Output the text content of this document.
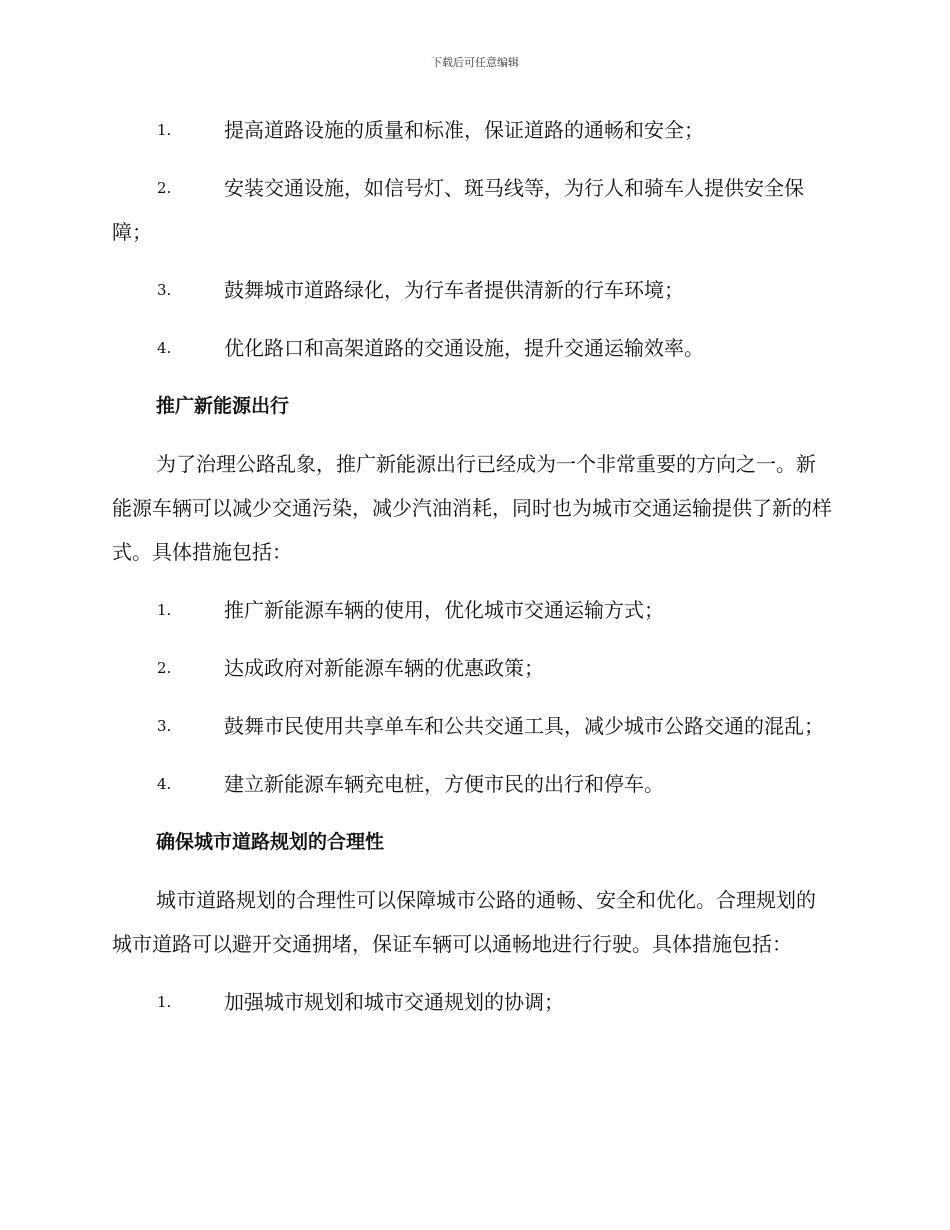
下载后可任意编辑
1.	提高道路设施的质量和标准，保证道路的通畅和安全；
2.	安装交通设施，如信号灯、斑马线等，为行人和骑车人提供安全保障；
3.	鼓舞城市道路绿化，为行车者提供清新的行车环境；
4.	优化路口和高架道路的交通设施，提升交通运输效率。
推广新能源出行
为了治理公路乱象，推广新能源出行已经成为一个非常重要的方向之一。新能源车辆可以减少交通污染，减少汽油消耗，同时也为城市交通运输提供了新的样式。具体措施包括：
1.	推广新能源车辆的使用，优化城市交通运输方式；
2.	达成政府对新能源车辆的优惠政策；
3.	鼓舞市民使用共享单车和公共交通工具，减少城市公路交通的混乱；
4.	建立新能源车辆充电桩，方便市民的出行和停车。
确保城市道路规划的合理性
城市道路规划的合理性可以保障城市公路的通畅、安全和优化。合理规划的城市道路可以避开交通拥堵，保证车辆可以通畅地进行行驶。具体措施包括：
1.	加强城市规划和城市交通规划的协调；
